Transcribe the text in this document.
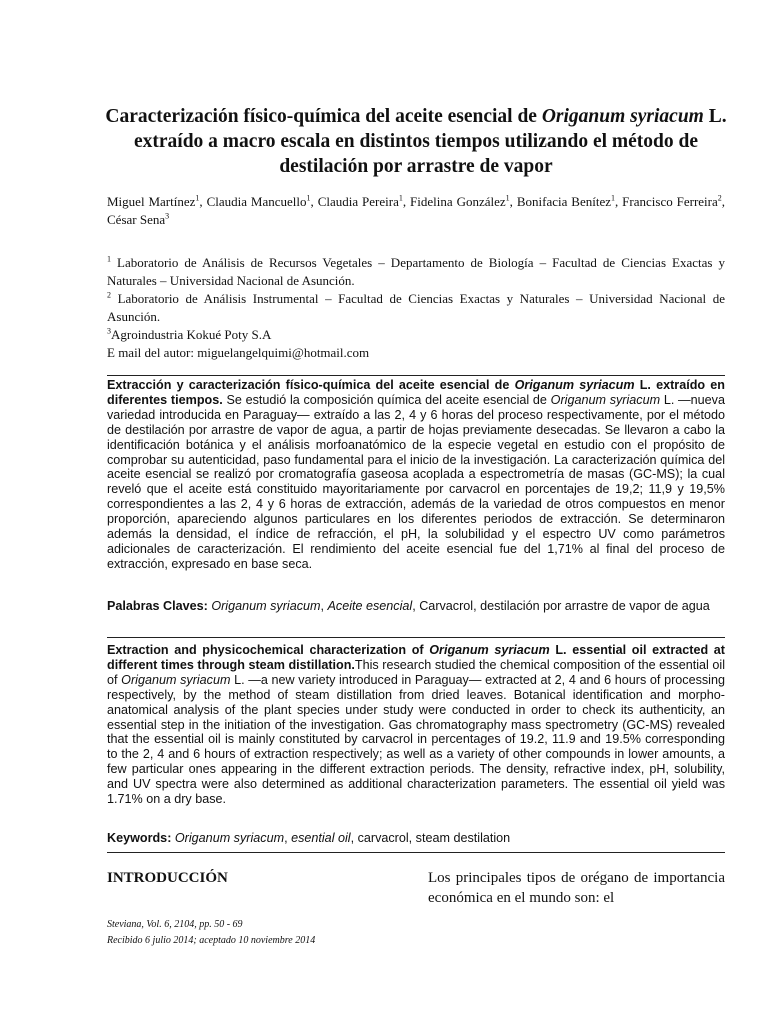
Caracterización físico-química del aceite esencial de Origanum syriacum L. extraído a macro escala en distintos tiempos utilizando el método de destilación por arrastre de vapor
Miguel Martínez$^1$, Claudia Mancuello$^1$, Claudia Pereira$^1$, Fidelina González$^1$, Bonifacia Benítez$^1$, Francisco Ferreira$^2$, César Sena$^3$

$^1$ Laboratorio de Análisis de Recursos Vegetales – Departamento de Biología – Facultad de Ciencias Exactas y Naturales – Universidad Nacional de Asunción.

$^2$ Laboratorio de Análisis Instrumental – Facultad de Ciencias Exactas y Naturales – Universidad Nacional de Asunción.

$^3$Agroindustria Kokué Poty S.A

E mail del autor: miguelangelquimi@hotmail.com

Extracción y caracterización físico-química del aceite esencial de Origanum syriacum L. extraído en diferentes tiempos. Se estudió la composición química del aceite esencial de Origanum syriacum L. —nueva variedad introducida en Paraguay— extraído a las 2, 4 y 6 horas del proceso respectivamente, por el método de destilación por arrastre de vapor de agua, a partir de hojas previamente desecadas. Se llevaron a cabo la identificación botánica y el análisis morfoanatómico de la especie vegetal en estudio con el propósito de comprobar su autenticidad, paso fundamental para el inicio de la investigación. La caracterización química del aceite esencial se realizó por cromatografía gaseosa acoplada a espectrometría de masas (GC-MS); la cual reveló que el aceite está constituido mayoritariamente por carvacrol en porcentajes de 19,2; 11,9 y 19,5% correspondientes a las 2, 4 y 6 horas de extracción, además de la variedad de otros compuestos en menor proporción, apareciendo algunos particulares en los diferentes periodos de extracción. Se determinaron además la densidad, el índice de refracción, el pH, la solubilidad y el espectro UV como parámetros adicionales de caracterización. El rendimiento del aceite esencial fue del 1,71% al final del proceso de extracción, expresado en base seca.

Palabras Claves: Origanum syriacum, Aceite esencial, Carvacrol, destilación por arrastre de vapor de agua

Extraction and physicochemical characterization of Origanum syriacum L. essential oil extracted at different times through steam distillation.This research studied the chemical composition of the essential oil of Origanum syriacum L. —a new variety introduced in Paraguay— extracted at 2, 4 and 6 hours of processing respectively, by the method of steam distillation from dried leaves. Botanical identification and morpho-anatomical analysis of the plant species under study were conducted in order to check its authenticity, an essential step in the initiation of the investigation. Gas chromatography mass spectrometry (GC-MS) revealed that the essential oil is mainly constituted by carvacrol in percentages of 19.2, 11.9 and 19.5% corresponding to the 2, 4 and 6 hours of extraction respectively; as well as a variety of other compounds in lower amounts, a few particular ones appearing in the different extraction periods. The density, refractive index, pH, solubility, and UV spectra were also determined as additional characterization parameters. The essential oil yield was 1.71% on a dry base.

Keywords: Origanum syriacum, esential oil, carvacrol, steam destilation

INTRODUCCIÓN	Los principales tipos de orégano de importancia económica en el mundo son: el
Steviana, Vol. 6, 2104, pp. 50 - 69
Recibido 6 julio 2014; aceptado 10 noviembre 2014
